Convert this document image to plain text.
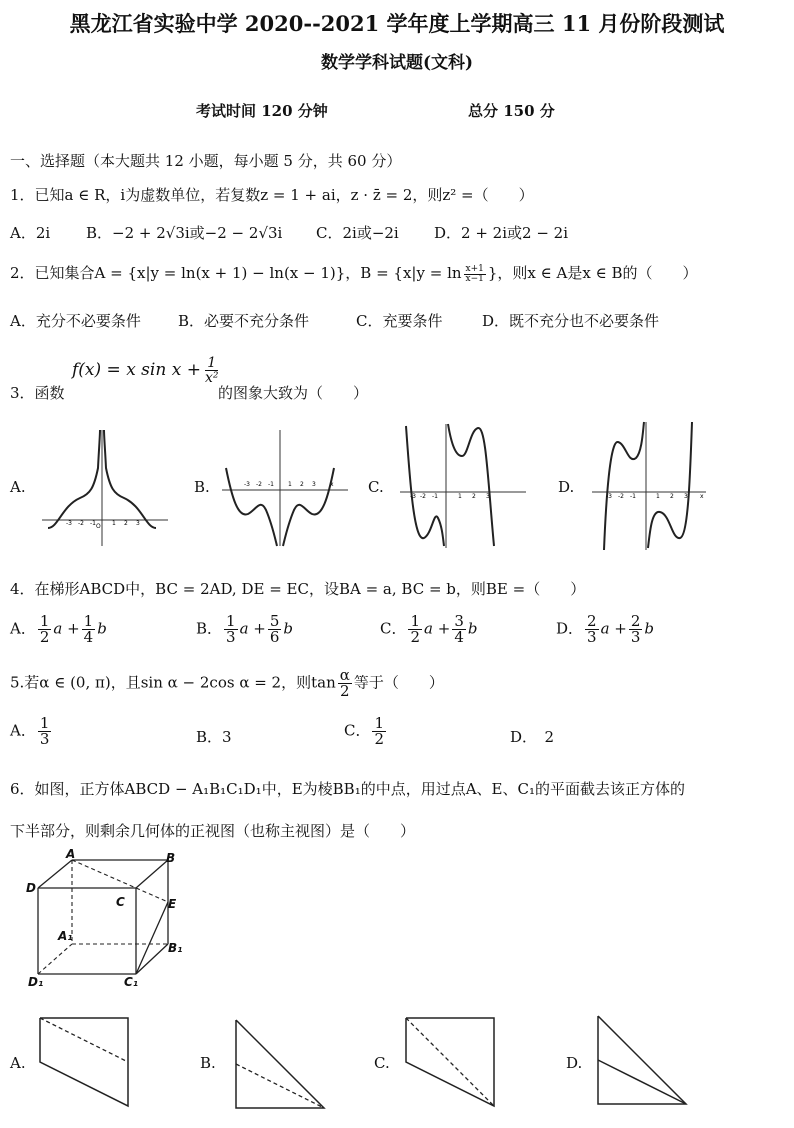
黑龙江省实验中学 2020--2021 学年度上学期高三 11 月份阶段测试
数学学科试题(文科)
考试时间 120 分钟	总分 150 分
一、选择题（本大题共 12 小题，每小题 5 分，共 60 分）
1．已知a ∈ R，i为虚数单位，若复数z = 1 + ai，z · z̄ = 2，则z² =（　　）
A．2i B．−2 + 2√3i或−2 − 2√3i C．2i或−2i D．2 + 2i或2 − 2i
2．已知集合A = {x|y = ln(x + 1) − ln(x − 1)}，$B = \{x|y = \ln \frac{x+1}{x-1}$ }，则x ∈ A是x ∈ B的（　　）
A．充分不必要条件 B．必要不充分条件	C．充要条件	D．既不充分也不必要条件
3．函数
f(x) = x $\sin x + \frac{1}{\text{x²}}$
的图象大致为（　　）
A.	B.	C.	D.
-3 -2 -1	1 2 3
O
-3 -2 -1 1 2 3 x
-3 -2 -1	1 2 3	-3 -2 -1	1 2 3 x
4．在梯形ABCD中，BC = 2AD, DE = EC，设BA = a, BC = b，则BE =（　　）
A． $\frac{1}{2}$ $a + \frac{1}{4}$ b	B． $\frac{1}{3}$ $a + \frac{5}{6}$ b	C． $\frac{1}{2}$ $a + \frac{3}{4}$ b	D． $\frac{2}{3}$ $a + \frac{2}{3}$ b
5.若α ∈ (0, π)，且sin α − 2cos α = 2，则$\tan \frac{\alpha}{2}$ 等于（　　）
A． $\frac{1}{3}$	B．3	C． $\frac{1}{2}$	D．　2
6．如图，正方体ABCD − A₁B₁C₁D₁中，E为棱BB₁的中点，用过点A、E、C₁的平面截去该正方体的
下半部分，则剩余几何体的正视图（也称主视图）是（　　）
A	B
C
D
E
A₁
B₁
C₁
D₁
A.	B.	C.	D.
